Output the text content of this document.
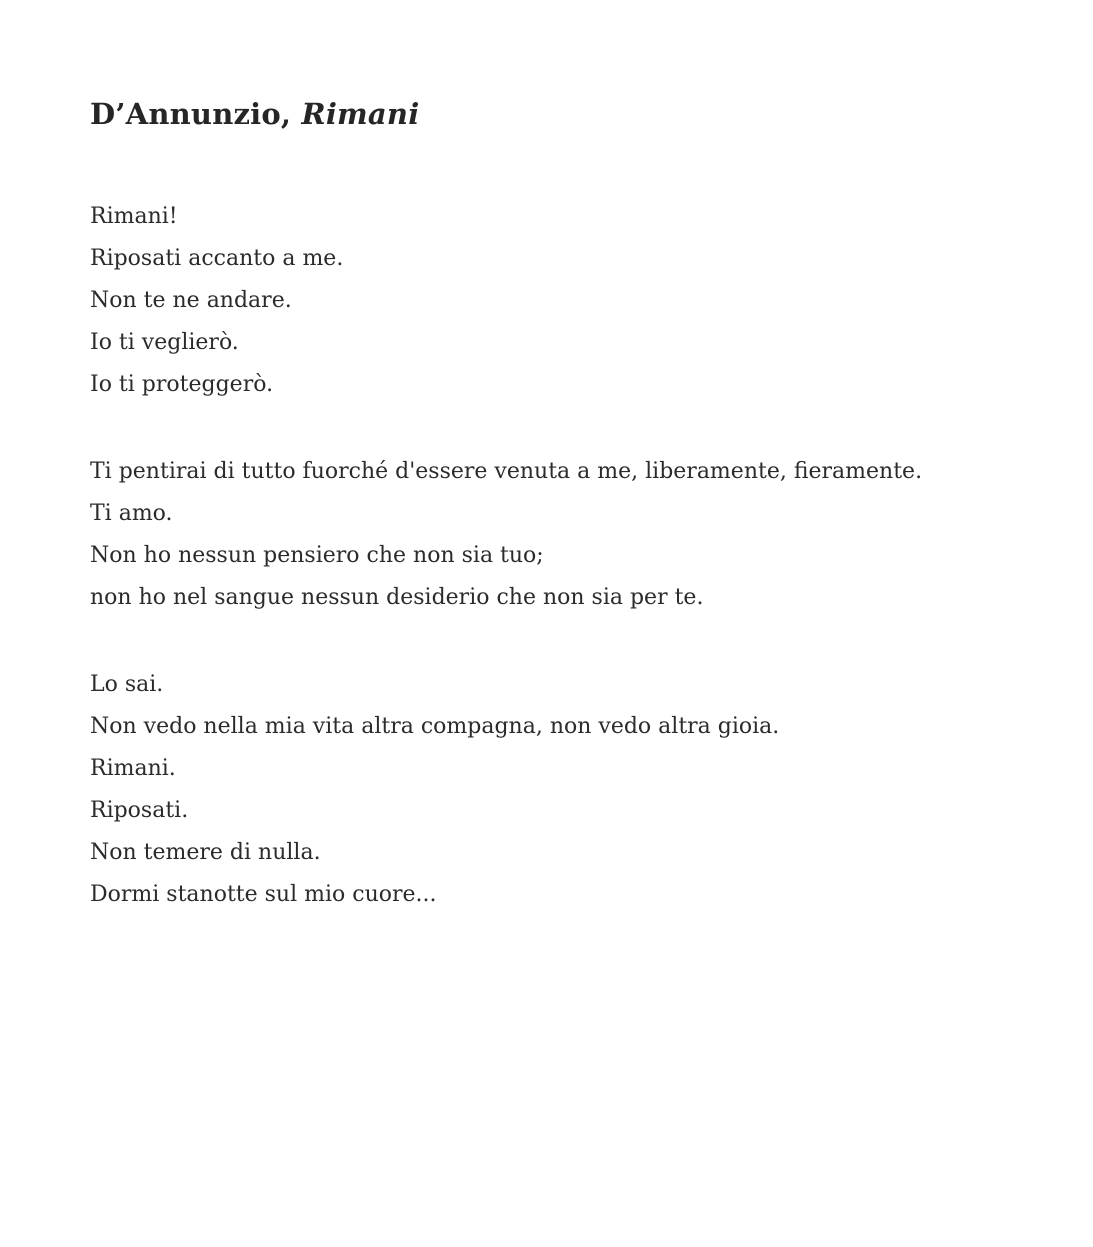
D’Annunzio, Rimani

Rimani!

Riposati accanto a me.

Non te ne andare.

Io ti veglierò.

Io ti proteggerò.

Ti pentirai di tutto fuorché d'essere venuta a me, liberamente, fieramente.

Ti amo.

Non ho nessun pensiero che non sia tuo;

non ho nel sangue nessun desiderio che non sia per te.

Lo sai.

Non vedo nella mia vita altra compagna, non vedo altra gioia.

Rimani.

Riposati.

Non temere di nulla.

Dormi stanotte sul mio cuore...
